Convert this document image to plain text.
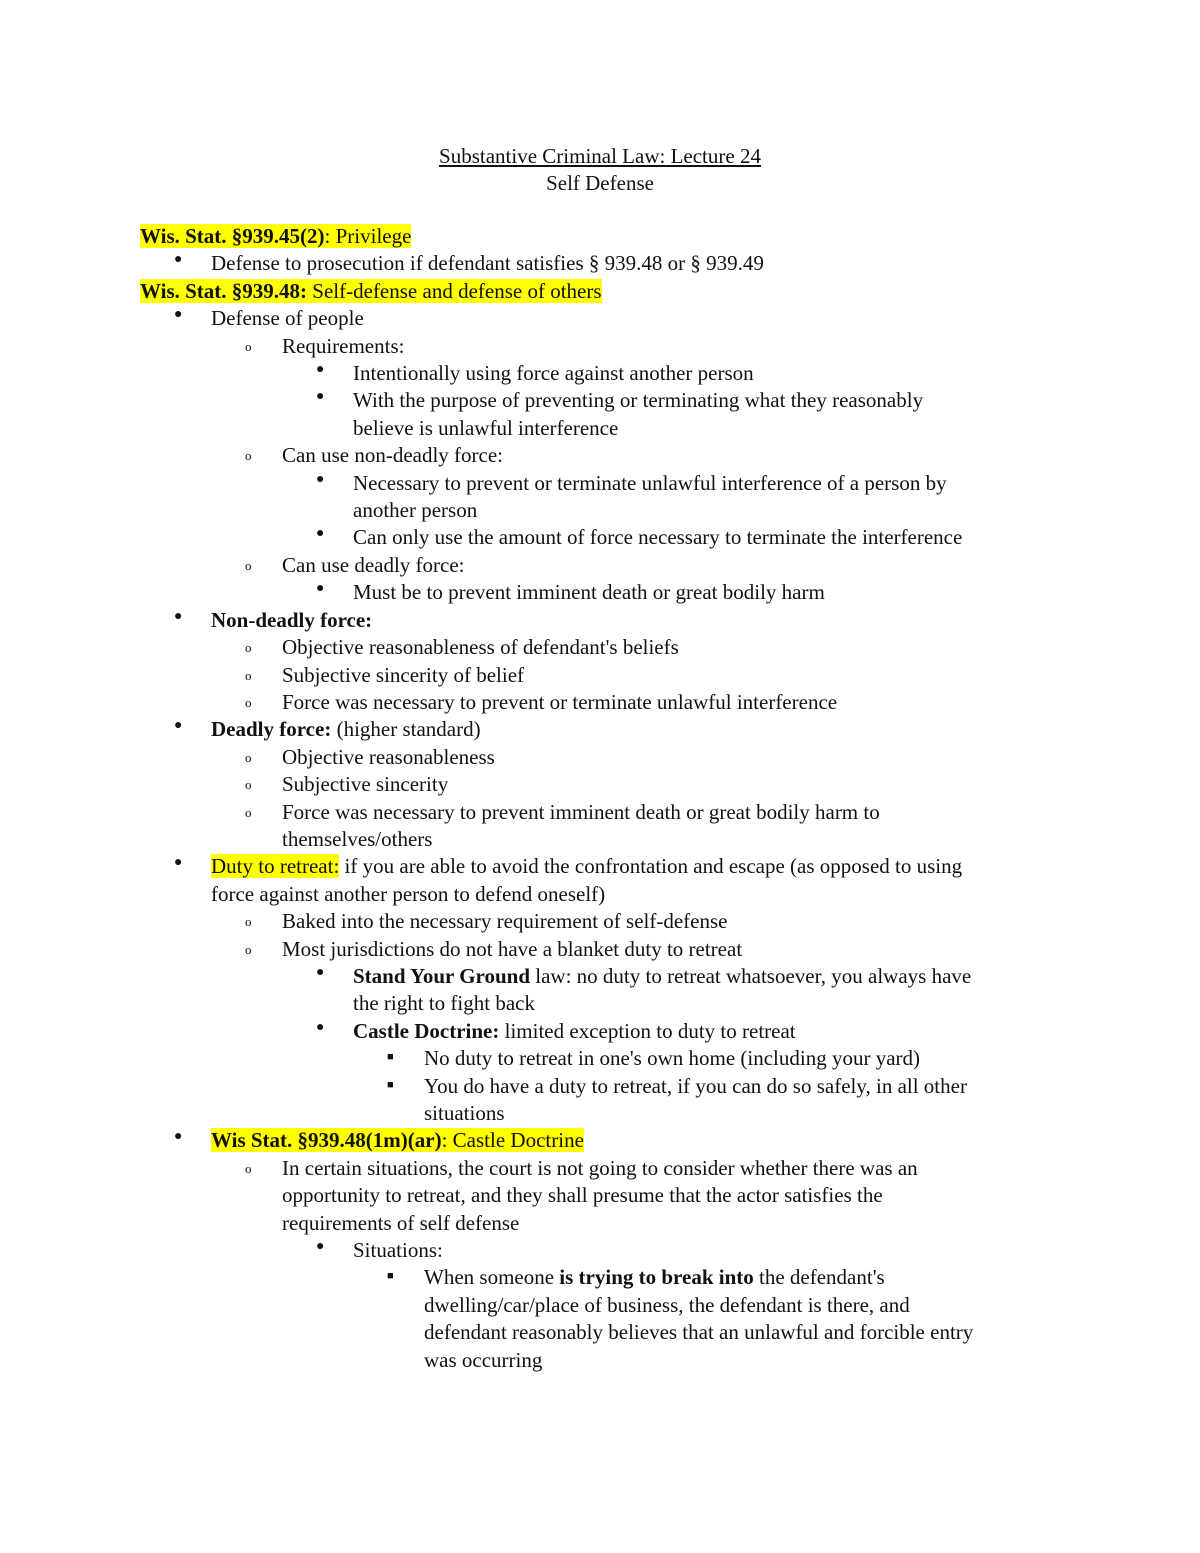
Substantive Criminal Law: Lecture 24
Self Defense
Wis. Stat. §939.45(2): Privilege
● Defense to prosecution if defendant satisfies § 939.48 or § 939.49
Wis. Stat. §939.48: Self-defense and defense of others
● Defense of people
o Requirements:
● Intentionally using force against another person
● With the purpose of preventing or terminating what they reasonably
believe is unlawful interference
o Can use non-deadly force:
● Necessary to prevent or terminate unlawful interference of a person by
another person
● Can only use the amount of force necessary to terminate the interference
o Can use deadly force:
● Must be to prevent imminent death or great bodily harm
● Non-deadly force:
o Objective reasonableness of defendant's beliefs
o Subjective sincerity of belief
o Force was necessary to prevent or terminate unlawful interference
● Deadly force: (higher standard)
o Objective reasonableness
o Subjective sincerity
o Force was necessary to prevent imminent death or great bodily harm to
themselves/others
● Duty to retreat: if you are able to avoid the confrontation and escape (as opposed to using
force against another person to defend oneself)
o Baked into the necessary requirement of self-defense
o Most jurisdictions do not have a blanket duty to retreat
● Stand Your Ground law: no duty to retreat whatsoever, you always have
the right to fight back
● Castle Doctrine: limited exception to duty to retreat
■ No duty to retreat in one's own home (including your yard)
■ You do have a duty to retreat, if you can do so safely, in all other
situations
● Wis Stat. §939.48(1m)(ar): Castle Doctrine
o In certain situations, the court is not going to consider whether there was an
opportunity to retreat, and they shall presume that the actor satisfies the
requirements of self defense
● Situations:
■ When someone is trying to break into the defendant's
dwelling/car/place of business, the defendant is there, and
defendant reasonably believes that an unlawful and forcible entry
was occurring
